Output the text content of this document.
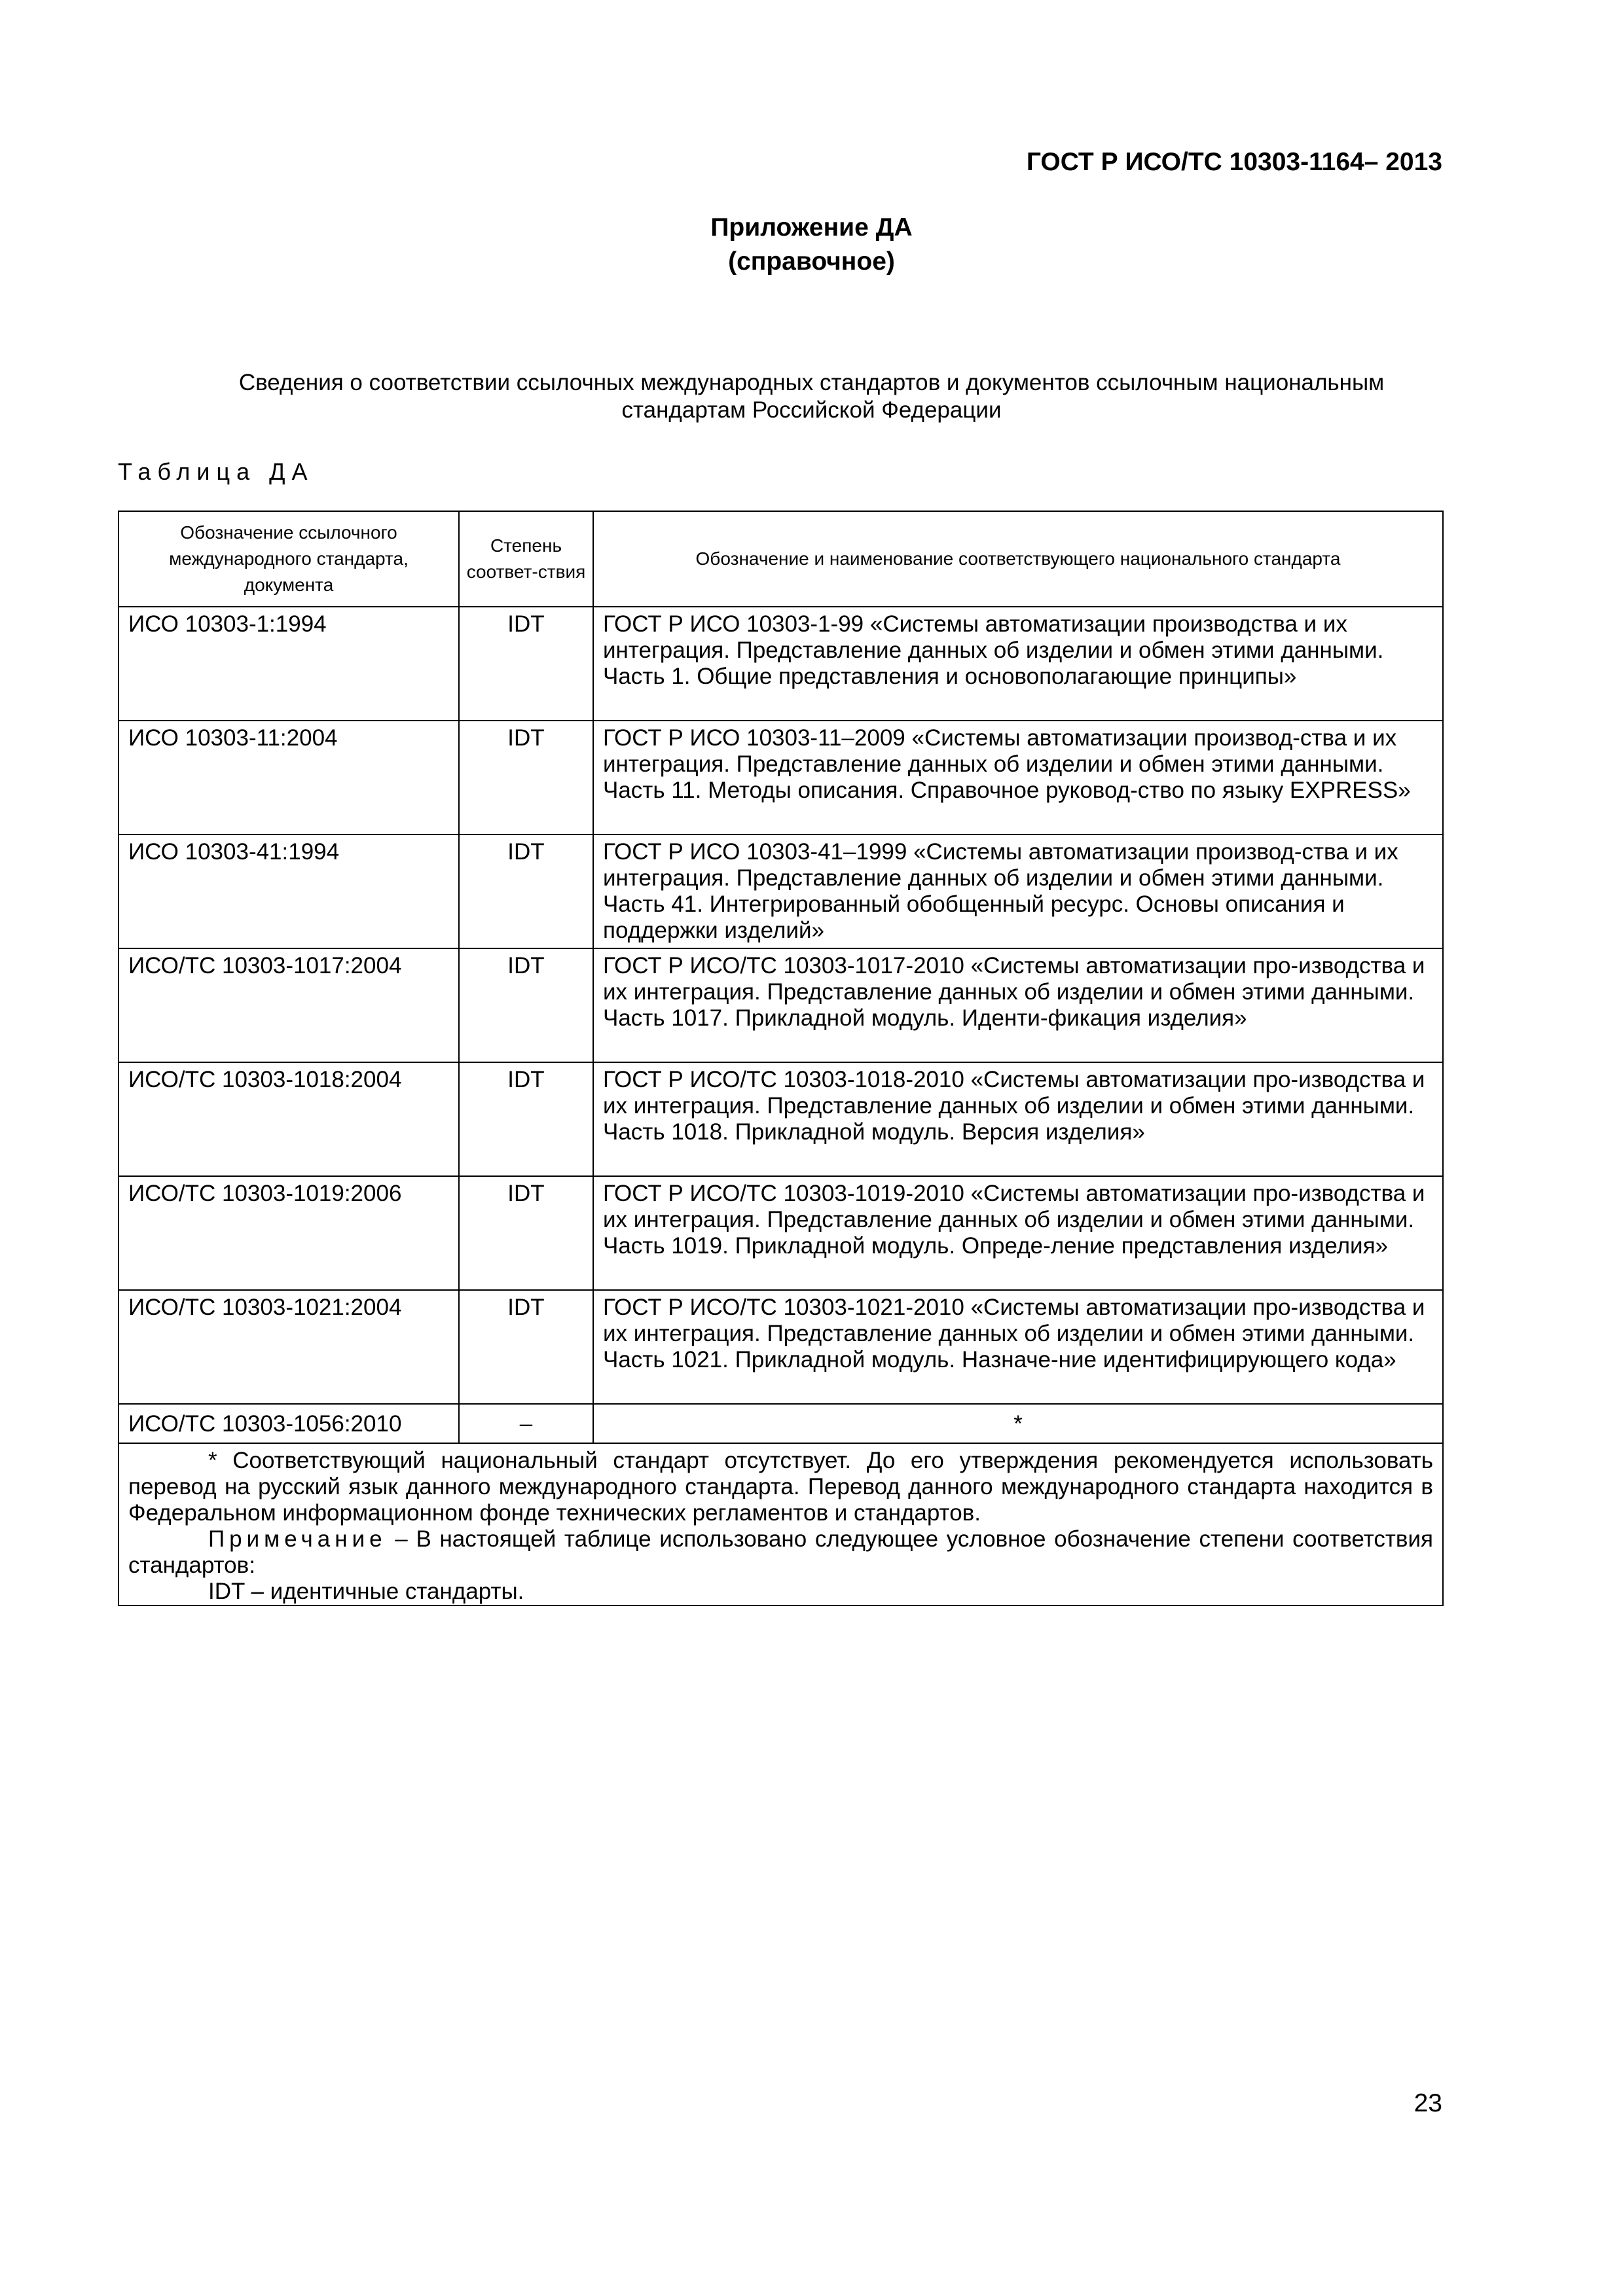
ГОСТ Р ИСО/ТС 10303-1164– 2013
Приложение ДА
(справочное)
Сведения о соответствии ссылочных международных стандартов и документов ссылочным национальным
стандартам Российской Федерации
Таблица ДА
Обозначение ссылочного международного стандарта, документа	Степень соответ-ствия	Обозначение и наименование соответствующего национального стандарта
ИСО 10303-1:1994	IDT	ГОСТ Р ИСО 10303-1-99 «Системы автоматизации производства и их интеграция. Представление данных об изделии и обмен этими данными. Часть 1. Общие представления и основополагающие принципы»
ИСО 10303-11:2004	IDT	ГОСТ Р ИСО 10303-11–2009 «Системы автоматизации производ-ства и их интеграция. Представление данных об изделии и обмен этими данными. Часть 11. Методы описания. Справочное руковод-ство по языку EXPRESS»
ИСО 10303-41:1994	IDT	ГОСТ Р ИСО 10303-41–1999 «Системы автоматизации производ-ства и их интеграция. Представление данных об изделии и обмен этими данными. Часть 41. Интегрированный обобщенный ресурс. Основы описания и поддержки изделий»
ИСО/ТС 10303-1017:2004	IDT	ГОСТ Р ИСО/ТС 10303-1017-2010 «Системы автоматизации про-изводства и их интеграция. Представление данных об изделии и обмен этими данными. Часть 1017. Прикладной модуль. Иденти-фикация изделия»
ИСО/ТС 10303-1018:2004	IDT	ГОСТ Р ИСО/ТС 10303-1018-2010 «Системы автоматизации про-изводства и их интеграция. Представление данных об изделии и обмен этими данными. Часть 1018. Прикладной модуль. Версия изделия»
ИСО/ТС 10303-1019:2006	IDT	ГОСТ Р ИСО/ТС 10303-1019-2010 «Системы автоматизации про-изводства и их интеграция. Представление данных об изделии и обмен этими данными. Часть 1019. Прикладной модуль. Опреде-ление представления изделия»
ИСО/ТС 10303-1021:2004	IDT	ГОСТ Р ИСО/ТС 10303-1021-2010 «Системы автоматизации про-изводства и их интеграция. Представление данных об изделии и обмен этими данными. Часть 1021. Прикладной модуль. Назначе-ние идентифицирующего кода»
ИСО/ТС 10303-1056:2010	–	*

* Соответствующий национальный стандарт отсутствует. До его утверждения рекомендуется использовать перевод на русский язык данного международного стандарта. Перевод данного международного стандарта находится в Федеральном информационном фонде технических регламентов и стандартов.
Примечание – В настоящей таблице использовано следующее условное обозначение степени соответствия стандартов:
IDT – идентичные стандарты.		
23
